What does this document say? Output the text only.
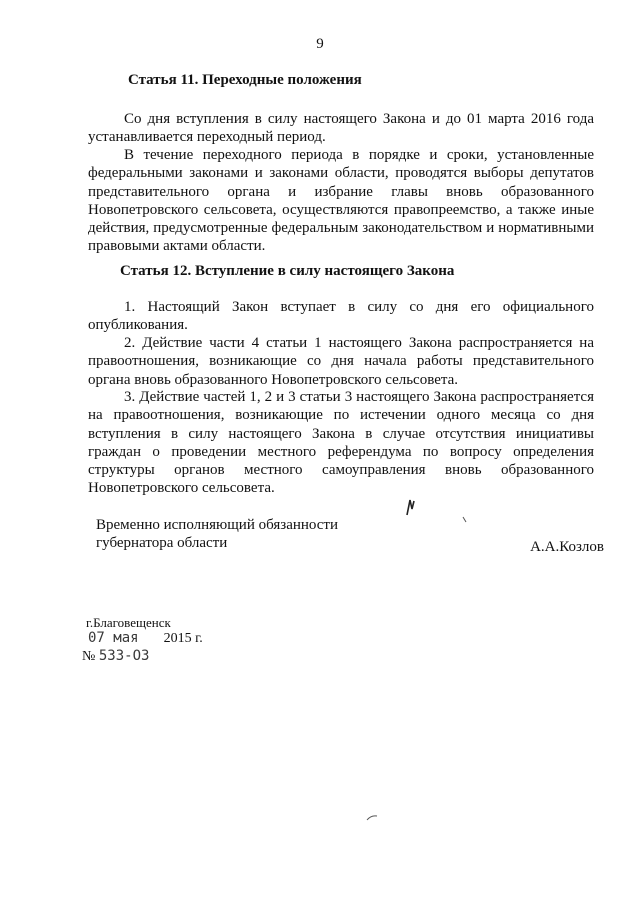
9
Статья 11. Переходные положения

Со дня вступления в силу настоящего Закона и до 01 марта 2016 года устанавливается переходный период.

В течение переходного периода в порядке и сроки, установленные федеральными законами и законами области, проводятся выборы депутатов представительного органа и избрание главы вновь образованного Новопетровского сельсовета, осуществляются правопреемство, а также иные действия, предусмотренные федеральным законодательством и нормативными правовыми актами области.

Статья 12. Вступление в силу настоящего Закона

1. Настоящий Закон вступает в силу со дня его официального опубликования.

2. Действие части 4 статьи 1 настоящего Закона распространяется на правоотношения, возникающие со дня начала работы представительного органа вновь образованного Новопетровского сельсовета.

3. Действие частей 1, 2 и 3 статьи 3 настоящего Закона распространяется на правоотношения, возникающие по истечении одного месяца со дня вступления в силу настоящего Закона в случае отсутствия инициативы граждан о проведении местного референдума по вопросу определения структуры органов местного самоуправления вновь образованного Новопетровского сельсовета.

Временно исполняющий обязанности
губернатора области	А.А.Козлов
г.Благовещенск
07 мая 2015 г.
№ 533-ОЗ
